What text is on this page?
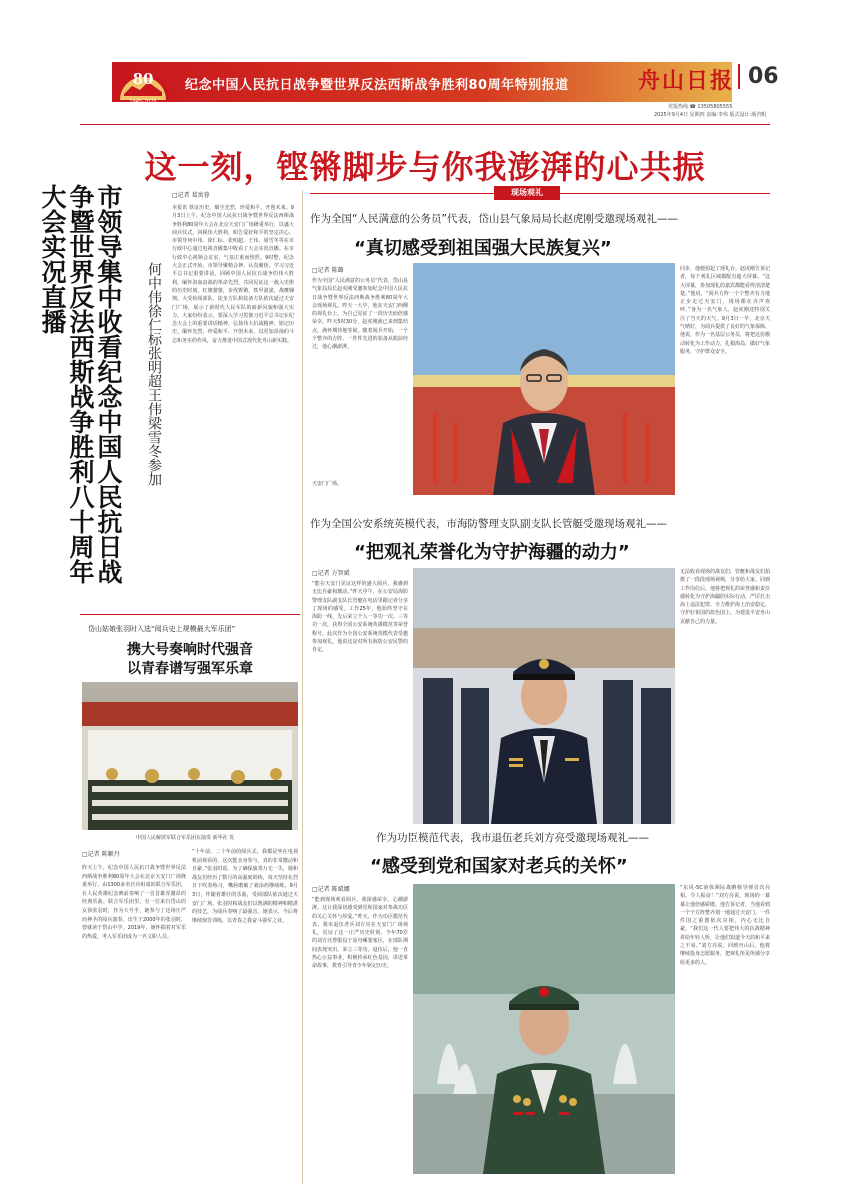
80
1945-2025
纪念中国人民抗日战争暨世界反法西斯战争胜利80周年特别报道	舟山日报 06
党报热线 ☎ 13505805555
2025年9月4日 星期四 责编:李伟 版式设计:虞君帆
这一刻，铿锵脚步与你我澎湃的心共振
市领导集中收看纪念中国人民抗日战争暨世界反法西斯战争胜利八十周年大会实况直播
何中伟徐仁标张明超王伟梁雪冬参加
□记者 葛寓蓉
本报讯 铁证历史，烟尘先烈，珍爱和平，开创未来。9月3日上午，纪念中国人民抗日战争暨世界反法西斯战争胜利80周年大会在北京天安门广场隆重举行，以盛大阅兵仪式，回顾伟大胜利，昭告爱好和平的坚定决心。市领导何中伟、徐仁标、张明超、王伟、梁雪冬等在市行政中心通过电视直播集中收看了大会实况直播。在市行政中心视频会议室，气氛庄重而热烈。9时整，纪念大会正式开始。市领导聚精会神、认真聚焦，学习习近平总书记重要讲话，回顾中国人民抗日战争的伟大胜利，缅怀浴血奋战的革命先烈，共同见证这一载入史册的历史时刻。红旗猎猎，步伐铿锵，铁甲滚滚，战鹰翱翔。大受检阅部队、徒步方队和装备方队依次通过天安门广场，展示了新时代人民军队的崭新风貌和强大实力。大家纷纷表示，要深入学习贯彻习近平总书记在纪念大会上的重要讲话精神，弘扬伟大抗战精神，铭记历史、缅怀先烈、珍爱和平、开创未来，以更加昂扬的斗志和务实的作风，奋力推进中国式现代化舟山新实践。
岱山姑娘张羽时入选“阅兵史上规模最大军乐团”
携大号奏响时代强音
以青春谱写强军乐章
中国人民解放军联合军乐团在演奏 新华社 发
□记者 陈颖丹
昨天上午，纪念中国人民抗日战争暨世界反法西斯战争胜利80周年大会在北京天安门广场隆重举行。由1300多名官兵组成的联合军乐团，在人民英雄纪念碑前奏响了一首首雄浑激昂的经典乐曲。联合军乐团里，有一位来自岱山的女孩张羽时，作为大号手，她参与了这场庄严而神圣的阅兵演奏。出生于2000年的张羽时，曾就读于岱山中学。2019年，她怀揣着对军乐的热爱，考入军乐团成为一名文职人员。
“十年前，二十年前的阅兵式，我都是坐在电视机前观看的，这次能亲身参与，真的非常激动和自豪。”张羽时说。为了确保演奏万无一失，她和战友们经历了数月的高强度训练，每天坚持在烈日下吹奏练习，嘴唇磨破了就涂药继续练。9月3日，伴随着雄壮的乐曲，受阅部队依次通过天安门广场，张羽时和战友们以饱满的精神和精湛的技艺，为阅兵奏响了最强音。她表示，今后将继续刻苦训练，以青春之我奋斗强军之业。
现场观礼
作为全国“人民满意的公务员”代表，岱山县气象局局长赵虎刚受邀现场观礼——
“真切感受到祖国强大民族复兴”
□记者 陈璐
作为全国“人民满意的公务员”代表，岱山县气象局局长赵虎刚受邀参加纪念中国人民抗日战争暨世界反法西斯战争胜利80周年大会现场观礼。昨天一大早，他在天安门西侧的观礼台上，为自己见证了一段历史而倍感荣幸。昨天5时30分，赵虎刚就已来到集结点，满怀期待地等候。随着阅兵开始，一个个整齐的方阵、一件件先进的装备从眼前经过，他心潮澎湃。
同步，他便拍起了现礼台。赵虎刚告诉记者，每个观礼区域都配有超大屏幕。“这大屏幕，参加现礼的嘉宾都能看得清清楚楚。”他说，“阅兵方阵一个个整齐有力地正步走过天安门，现场都在齐声欢呼。”身为一名气象人，赵虎刚还特别关注了当天的天气。9月3日一早，北京天气晴好，为阅兵提供了良好的气象保障。他说，作为一名基层公务员，将把这份激动转化为工作动力，扎根海岛，做好气象服务，守护群众安全。
天安门广场。
作为全国公安系统英模代表，市海防警理支队副支队长管艇受邀现场观礼——
“把观礼荣誉化为守护海疆的动力”
□记者 方智斌
“能在天安门见证这样的盛大阅兵，我感到无比自豪和激动。”昨天中午，在公安局海防警理支队副支队长管艇在电话里跟记者分享了现场的感受。工作25年，他始终坚守在海防一线，先后荣立个人一等功一次、三等功一次，获得全国公安系统英雄模范等荣誉称号。此次作为全国公安系统英模代表受邀参加观礼，他说这是对所有海防公安民警的肯定。
无法收看现场的战友们，管艇和战友们拍摄了一段段现场视频，分享给大家。回到工作岗位后，他将把观礼的荣誉感和责任感转化为守护海疆的实际行动，严厉打击海上违法犯罪，全力维护海上治安稳定，守护好祖国的蓝色国土，为建设平安舟山贡献自己的力量。
作为功臣模范代表，我市退伍老兵刘方亮受邀现场观礼——
“感受到党和国家对老兵的关怀”
□记者 陈斌娜
“能到现场观看阅兵，我深感荣幸，心潮澎湃。这让我深切感受到党和国家对参战功臣的关心关怀与厚爱。”昨天，作为功臣模范代表，我市退伍老兵刘方亮在天安门广场观礼，见证了这一庄严历史时刻。今年70岁的刘方亮曾服役于原舟嵊要塞区，在部队期间表现突出，荣立三等功。退伍后，他一直热心公益事业，积极传承红色基因，讲述革命故事，教育引导青少年铭记历史。
“东风-5C液体洲际战略核导弹首次亮相，令人振奋！”刘方亮说，现场的一幕幕让他倍感骄傲。他告诉记者，当他看到一个个方阵整齐划一地通过天安门，一件件国之重器依次亮相，内心无比自豪。“我们这一代人要把伟大的抗战精神讲给年轻人听，让他们知道今天的和平来之不易。”刘方亮说，回到舟山后，他将继续投身志愿服务，把观礼所见所感分享给更多的人。
